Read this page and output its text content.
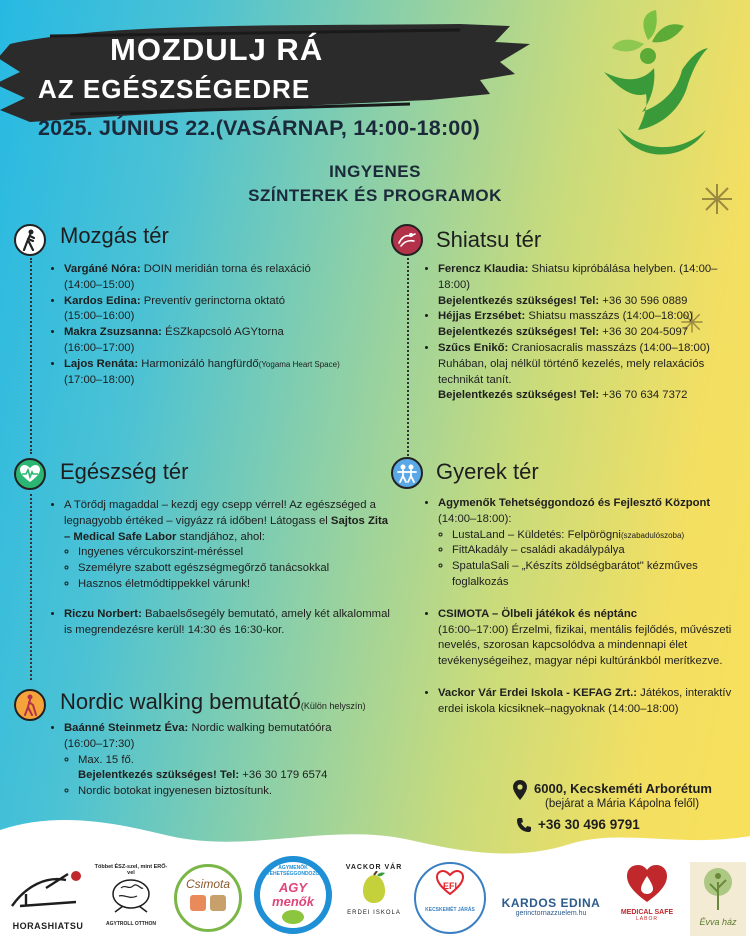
MOZDULJ RÁ
AZ EGÉSZSÉGEDRE
2025. JÚNIUS 22.(VASÁRNAP, 14:00-18:00)
INGYENES
SZÍNTEREK ÉS PROGRAMOK
Mozgás tér
• Vargáné Nóra: DOIN meridián torna és relaxáció
(14:00–15:00)
• Kardos Edina: Preventív gerinctorna oktató
(15:00–16:00)
• Makra Zsuzsanna: ÉSZkapcsoló AGYtorna
(16:00–17:00)
• Lajos Renáta: Harmonizáló hangfürdő(Yogama Heart Space)
(17:00–18:00)
Egészség tér
• A Törődj magaddal – kezdj egy csepp vérrel! Az egészséged a legnagyobb értéked – vigyázz rá időben! Látogass el Sajtos Zita – Medical Safe Labor standjához, ahol:
◦ Ingyenes vércukorszint-méréssel
◦ Személyre szabott egészségmegőrző tanácsokkal
◦ Hasznos életmódtippekkel várunk!
• Riczu Norbert: Babaelsősegély bemutató, amely két alkalommal is megrendezésre kerül! 14:30 és 16:30-kor.
Nordic walking bemutató(Külön helyszín)
• Baánné Steinmetz Éva: Nordic walking bemutatóóra
(16:00–17:30)
◦ Max. 15 fő.
Bejelentkezés szükséges! Tel: +36 30 179 6574
◦ Nordic botokat ingyenesen biztosítunk.
Shiatsu tér
• Ferencz Klaudia: Shiatsu kipróbálása helyben. (14:00–18:00)
Bejelentkezés szükséges! Tel: +36 30 596 0889
• Héjjas Erzsébet: Shiatsu masszázs (14:00–18:00)
Bejelentkezés szükséges! Tel: +36 30 204-5097
• Szűcs Enikő: Craniosacralis masszázs (14:00–18:00) Ruhában, olaj nélkül történő kezelés, mely relaxációs technikát tanít.
Bejelentkezés szükséges! Tel: +36 70 634 7372
Gyerek tér
• Agymenők Tehetséggondozó és Fejlesztő Központ (14:00–18:00):
◦ LustaLand – Küldetés: Felpörögni(szabadulószoba)
◦ FittAkadály – családi akadálypálya
◦ SpatulaSali – „Készíts zöldségbarátot" kézműves foglalkozás
• CSIMOTA – Ölbeli játékok és néptánc
(16:00–17:00) Érzelmi, fizikai, mentális fejlődés, művészeti nevelés, szorosan kapcsolódva a mindennapi élet tevékenységeihez, magyar népi kultúránkból merítkezve.
• Vackor Vár Erdei Iskola - KEFAG Zrt.: Játékos, interaktív erdei iskola kicsiknek–nagyoknak (14:00–18:00)
6000, Kecskeméti Arborétum
(bejárat a Mária Kápolna felől)
+36 30 496 9791
HORASHIATSU
Többet ÉSZ-szel, mint ERŐ-vel
AGYTROLL OTTHON
Csimota
AGYMENŐK TEHETSÉGGONDOZÓ
AGY menők
VACKOR VÁR
ERDEI ISKOLA
EFI
KECSKEMÉT JÁRÁS	KARDOS EDINA
gerinctornazzuelem.hu	MEDICAL SAFE
LABOR	Évva ház
